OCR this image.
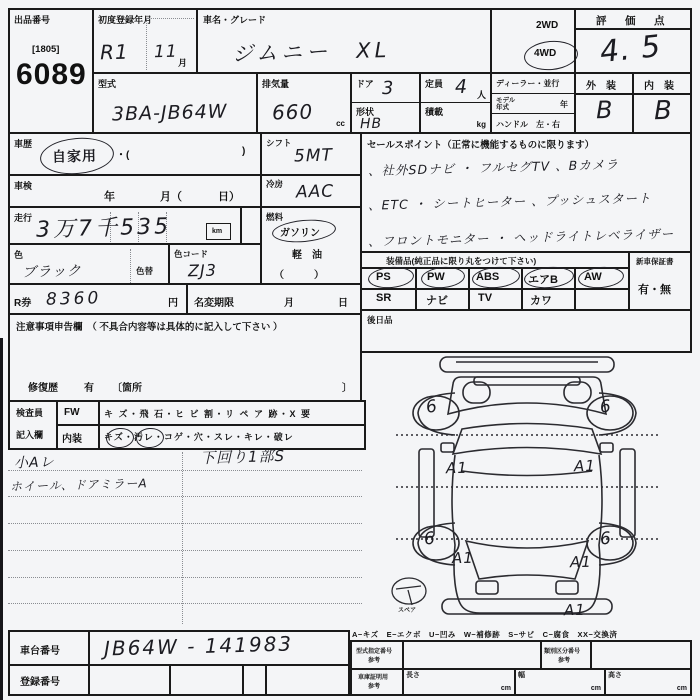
出品番号
[1805]
6089
初度登録年月
R1 11
月
車名・グレード
ジムニー　XL
2WD
4WD
評　価　点
4. 5
型式
3BA-JB64W
排気量
660	cc
ドア 3
形状
HB
定員 4 人
積載
kg
ディーラー・並行
モデル
年式	年
ハンドル　左・右
外　装	内　装
B B
車歴
自家用 ・(	)
車検
年	月（	日）
走行 3万7千535	km
色
ブラック	色替
色コード
ZJ3
シフト
5MT
冷房 AAC
燃料
ガソリン
軽　油
（　　　）
R券 8360	円 名変期限	月	日
注意事項申告欄　（ 不具合内容等は具体的に記入して下さい ）
修復歴	有 〔箇所	〕
検査員
記入欄
FW	キ ズ・飛 石・ヒ ビ 割・リ ペ ア 跡・X 要
内装 キズ・汚レ・コゲ・穴・スレ・キレ・破レ
小Aレ
ホイール、ドアミラーA
下回り1部S
セールスポイント（正常に機能するものに限ります）
、社外SDナビ ・ フルセグTV 、Bカメラ
、ETC ・ シートヒーター 、プッシュスタート
、フロントモニター ・ ヘッドライトレベライザー
装備品(純正品に限り丸をつけて下さい)	新車保証書
有・無
PS	PW	ABS	エアB AW
SR	ナビ	TV	カワ
後日品
6	6
6	6
A1	A1
A1	A1
A1
スペア
車台番号 JB64W - 141983
登録番号
A−キズ　E−エクボ　U−凹み　W−補修跡　S−サビ　C−腐食　XX−交換済
型式指定番号
参考
類別区分番号
参考
車庫証明用
参考
長さ
cm
幅
cm
高さ
cm
